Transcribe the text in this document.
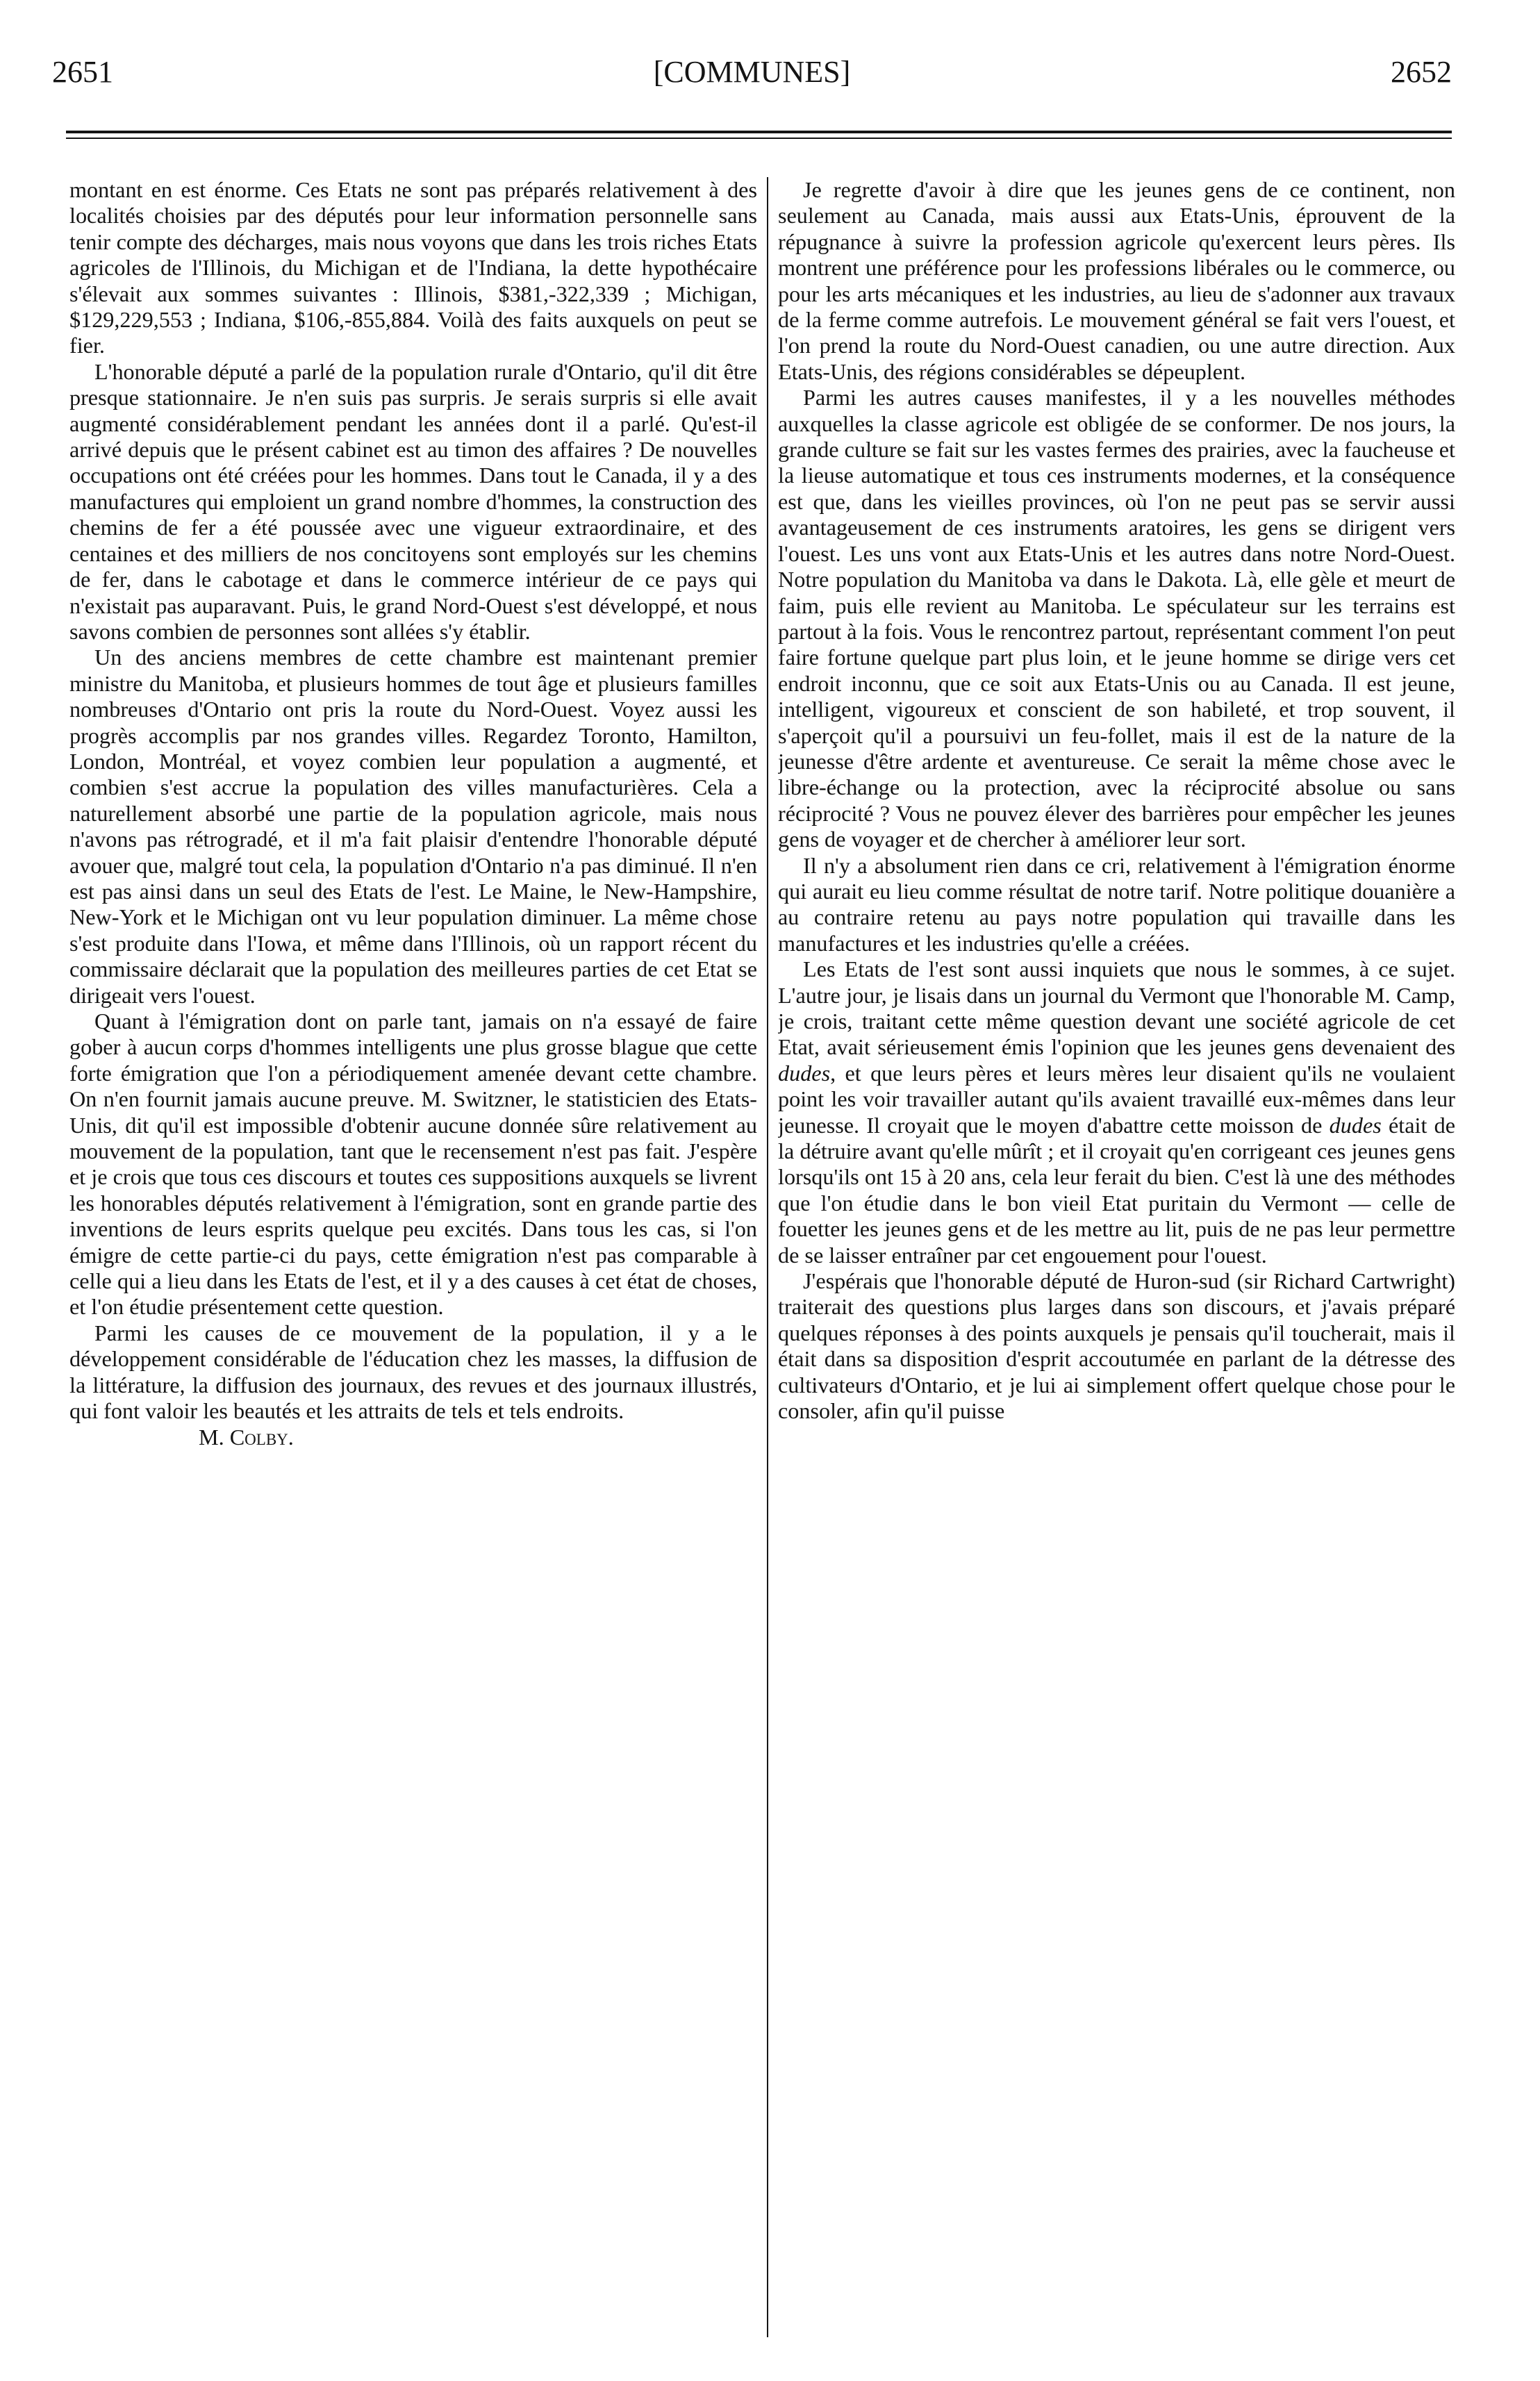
2651	[COMMUNES]	2652

montant en est énorme. Ces Etats ne sont pas préparés relativement à des localités choisies par des députés pour leur information personnelle sans tenir compte des décharges, mais nous voyons que dans les trois riches Etats agricoles de l'Illinois, du Michigan et de l'Indiana, la dette hypothécaire s'élevait aux sommes suivantes : Illinois, $381,-322,339 ; Michigan, $129,229,553 ; Indiana, $106,-855,884. Voilà des faits auxquels on peut se fier.

L'honorable député a parlé de la population rurale d'Ontario, qu'il dit être presque stationnaire. Je n'en suis pas surpris. Je serais surpris si elle avait augmenté considérablement pendant les années dont il a parlé. Qu'est-il arrivé depuis que le présent cabinet est au timon des affaires ? De nouvelles occupations ont été créées pour les hommes. Dans tout le Canada, il y a des manufactures qui emploient un grand nombre d'hommes, la construction des chemins de fer a été poussée avec une vigueur extraordinaire, et des centaines et des milliers de nos concitoyens sont employés sur les chemins de fer, dans le cabotage et dans le commerce intérieur de ce pays qui n'existait pas auparavant. Puis, le grand Nord-Ouest s'est développé, et nous savons combien de personnes sont allées s'y établir.

Un des anciens membres de cette chambre est maintenant premier ministre du Manitoba, et plusieurs hommes de tout âge et plusieurs familles nombreuses d'Ontario ont pris la route du Nord-Ouest. Voyez aussi les progrès accomplis par nos grandes villes. Regardez Toronto, Hamilton, London, Montréal, et voyez combien leur population a augmenté, et combien s'est accrue la population des villes manufacturières. Cela a naturellement absorbé une partie de la population agricole, mais nous n'avons pas rétrogradé, et il m'a fait plaisir d'entendre l'honorable député avouer que, malgré tout cela, la population d'Ontario n'a pas diminué. Il n'en est pas ainsi dans un seul des Etats de l'est. Le Maine, le New-Hampshire, New-York et le Michigan ont vu leur population diminuer. La même chose s'est produite dans l'Iowa, et même dans l'Illinois, où un rapport récent du commissaire déclarait que la population des meilleures parties de cet Etat se dirigeait vers l'ouest.

Quant à l'émigration dont on parle tant, jamais on n'a essayé de faire gober à aucun corps d'hommes intelligents une plus grosse blague que cette forte émigration que l'on a périodiquement amenée devant cette chambre. On n'en fournit jamais aucune preuve. M. Switzner, le statisticien des Etats-Unis, dit qu'il est impossible d'obtenir aucune donnée sûre relativement au mouvement de la population, tant que le recensement n'est pas fait. J'espère et je crois que tous ces discours et toutes ces suppositions auxquels se livrent les honorables députés relativement à l'émigration, sont en grande partie des inventions de leurs esprits quelque peu excités. Dans tous les cas, si l'on émigre de cette partie-ci du pays, cette émigration n'est pas comparable à celle qui a lieu dans les Etats de l'est, et il y a des causes à cet état de choses, et l'on étudie présentement cette question.

Parmi les causes de ce mouvement de la population, il y a le développement considérable de l'éducation chez les masses, la diffusion de la littérature, la diffusion des journaux, des revues et des journaux illustrés, qui font valoir les beautés et les attraits de tels et tels endroits.

M. Colby.

Je regrette d'avoir à dire que les jeunes gens de ce continent, non seulement au Canada, mais aussi aux Etats-Unis, éprouvent de la répugnance à suivre la profession agricole qu'exercent leurs pères. Ils montrent une préférence pour les professions libérales ou le commerce, ou pour les arts mécaniques et les industries, au lieu de s'adonner aux travaux de la ferme comme autrefois. Le mouvement général se fait vers l'ouest, et l'on prend la route du Nord-Ouest canadien, ou une autre direction. Aux Etats-Unis, des régions considérables se dépeuplent.

Parmi les autres causes manifestes, il y a les nouvelles méthodes auxquelles la classe agricole est obligée de se conformer. De nos jours, la grande culture se fait sur les vastes fermes des prairies, avec la faucheuse et la lieuse automatique et tous ces instruments modernes, et la conséquence est que, dans les vieilles provinces, où l'on ne peut pas se servir aussi avantageusement de ces instruments aratoires, les gens se dirigent vers l'ouest. Les uns vont aux Etats-Unis et les autres dans notre Nord-Ouest. Notre population du Manitoba va dans le Dakota. Là, elle gèle et meurt de faim, puis elle revient au Manitoba. Le spéculateur sur les terrains est partout à la fois. Vous le rencontrez partout, représentant comment l'on peut faire fortune quelque part plus loin, et le jeune homme se dirige vers cet endroit inconnu, que ce soit aux Etats-Unis ou au Canada. Il est jeune, intelligent, vigoureux et conscient de son habileté, et trop souvent, il s'aperçoit qu'il a poursuivi un feu-follet, mais il est de la nature de la jeunesse d'être ardente et aventureuse. Ce serait la même chose avec le libre-échange ou la protection, avec la réciprocité absolue ou sans réciprocité ? Vous ne pouvez élever des barrières pour empêcher les jeunes gens de voyager et de chercher à améliorer leur sort.

Il n'y a absolument rien dans ce cri, relativement à l'émigration énorme qui aurait eu lieu comme résultat de notre tarif. Notre politique douanière a au contraire retenu au pays notre population qui travaille dans les manufactures et les industries qu'elle a créées.

Les Etats de l'est sont aussi inquiets que nous le sommes, à ce sujet. L'autre jour, je lisais dans un journal du Vermont que l'honorable M. Camp, je crois, traitant cette même question devant une société agricole de cet Etat, avait sérieusement émis l'opinion que les jeunes gens devenaient des dudes, et que leurs pères et leurs mères leur disaient qu'ils ne voulaient point les voir travailler autant qu'ils avaient travaillé eux-mêmes dans leur jeunesse. Il croyait que le moyen d'abattre cette moisson de dudes était de la détruire avant qu'elle mûrît ; et il croyait qu'en corrigeant ces jeunes gens lorsqu'ils ont 15 à 20 ans, cela leur ferait du bien. C'est là une des méthodes que l'on étudie dans le bon vieil Etat puritain du Vermont — celle de fouetter les jeunes gens et de les mettre au lit, puis de ne pas leur permettre de se laisser entraîner par cet engouement pour l'ouest.

J'espérais que l'honorable député de Huron-sud (sir Richard Cartwright) traiterait des questions plus larges dans son discours, et j'avais préparé quelques réponses à des points auxquels je pensais qu'il toucherait, mais il était dans sa disposition d'esprit accoutumée en parlant de la détresse des cultivateurs d'Ontario, et je lui ai simplement offert quelque chose pour le consoler, afin qu'il puisse
